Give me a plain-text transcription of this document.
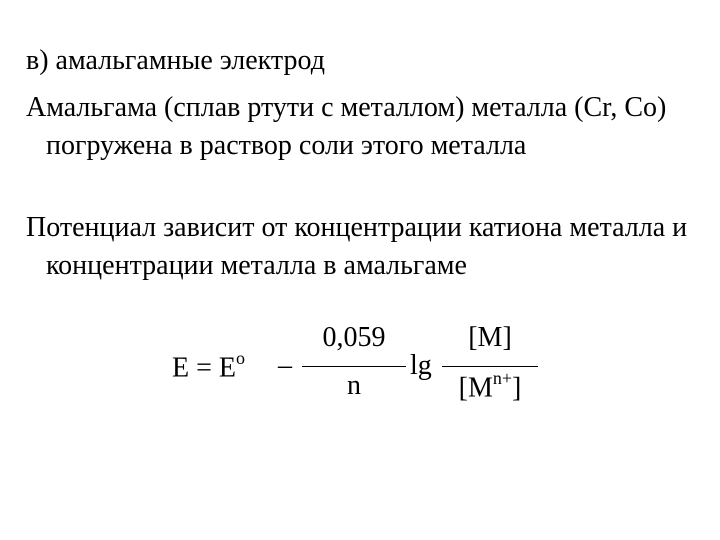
в) амальгамные электрод

Амальгама (сплав ртути с металлом) металла (Cr, Co) погружена в раствор соли этого металла

Потенциал зависит от концентрации катиона металла и концентрации металла в амальгаме

$E = E^o$ –
0,059
n
lg
[M]
$[M^{n+}]$
